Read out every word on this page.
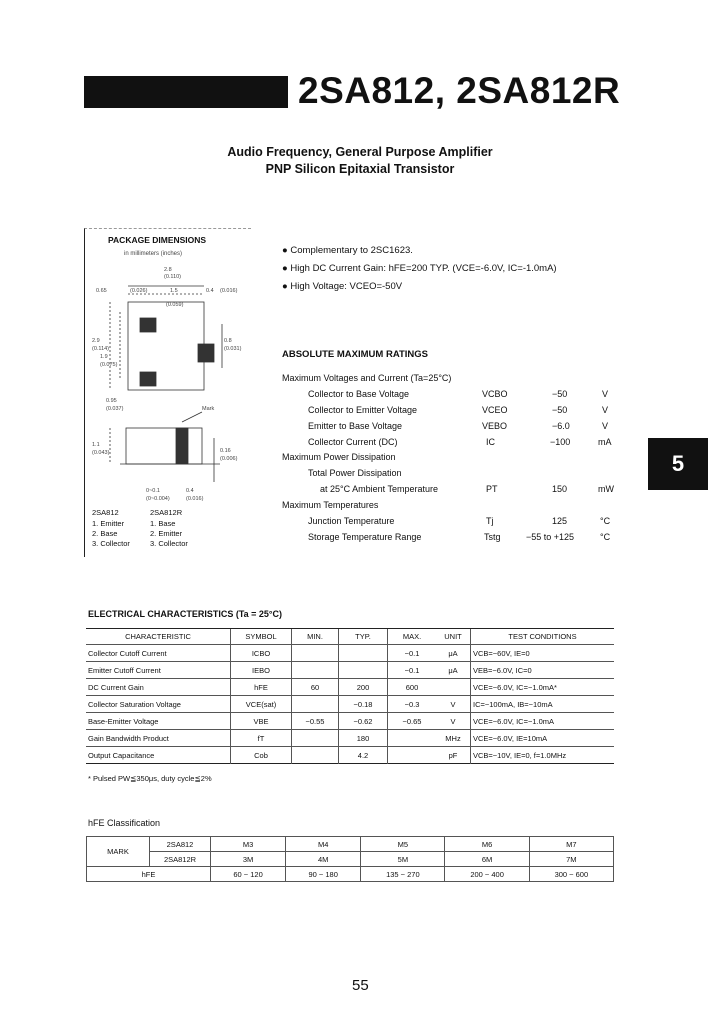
2SA812, 2SA812R
Audio Frequency, General Purpose Amplifier
PNP Silicon Epitaxial Transistor
PACKAGE DIMENSIONS
in millimeters (inches)
2.8
(0.110)
1.5	0.4 (0.016)
(0.059)
0.65	(0.026)
2.9
(0.114)
1.9
(0.075)
0.95
(0.037)
1.1
(0.043)	0.16
(0.006)
0.4
(0.016)
0.8
(0.031)
0~0.1
(0~0.004)
Mark
2SA812
1. Emitter
2. Base
3. Collector
2SA812R
1. Base
2. Emitter
3. Collector
● Complementary to 2SC1623.
● High DC Current Gain: hFE=200 TYP. (VCE=-6.0V, IC=-1.0mA)
● High Voltage: VCEO=-50V
ABSOLUTE MAXIMUM RATINGS
Maximum Voltages and Current (Ta=25°C)
Collector to Base Voltage	VCBO	−50	V
Collector to Emitter Voltage	VCEO	−50	V
Emitter to Base Voltage	VEBO	−6.0	V
Collector Current (DC)	IC	−100	mA
Maximum Power Dissipation
Total Power Dissipation
at 25°C Ambient Temperature	PT	150	mW
Maximum Temperatures
Junction Temperature	Tj	125	°C
Storage Temperature Range	Tstg	−55 to +125	°C
5
ELECTRICAL CHARACTERISTICS (Ta = 25°C)
CHARACTERISTIC	SYMBOL	MIN.	TYP.	MAX.	UNIT	TEST CONDITIONS
Collector Cutoff Current	ICBO			−0.1	μA	VCB=−60V, IE=0
Emitter Cutoff Current	IEBO			−0.1	μA	VEB=−6.0V, IC=0
DC Current Gain	hFE	60	200	600		VCE=−6.0V, IC=−1.0mA*
Collector Saturation Voltage	VCE(sat)		−0.18	−0.3	V	IC=−100mA, IB=−10mA
Base-Emitter Voltage	VBE	−0.55	−0.62	−0.65	V	VCE=−6.0V, IC=−1.0mA
Gain Bandwidth Product	fT		180		MHz	VCE=−6.0V, IE=10mA
Output Capacitance	Cob		4.2		pF	VCB=−10V, IE=0, f=1.0MHz
* Pulsed PW≦350μs, duty cycle≦2%
hFE Classification
MARK	2SA812	M3	M4	M5	M6	M7
	2SA812R	3M	4M	5M	6M	7M
hFE		60 ~ 120	90 ~ 180	135 ~ 270	200 ~ 400	300 ~ 600
55
